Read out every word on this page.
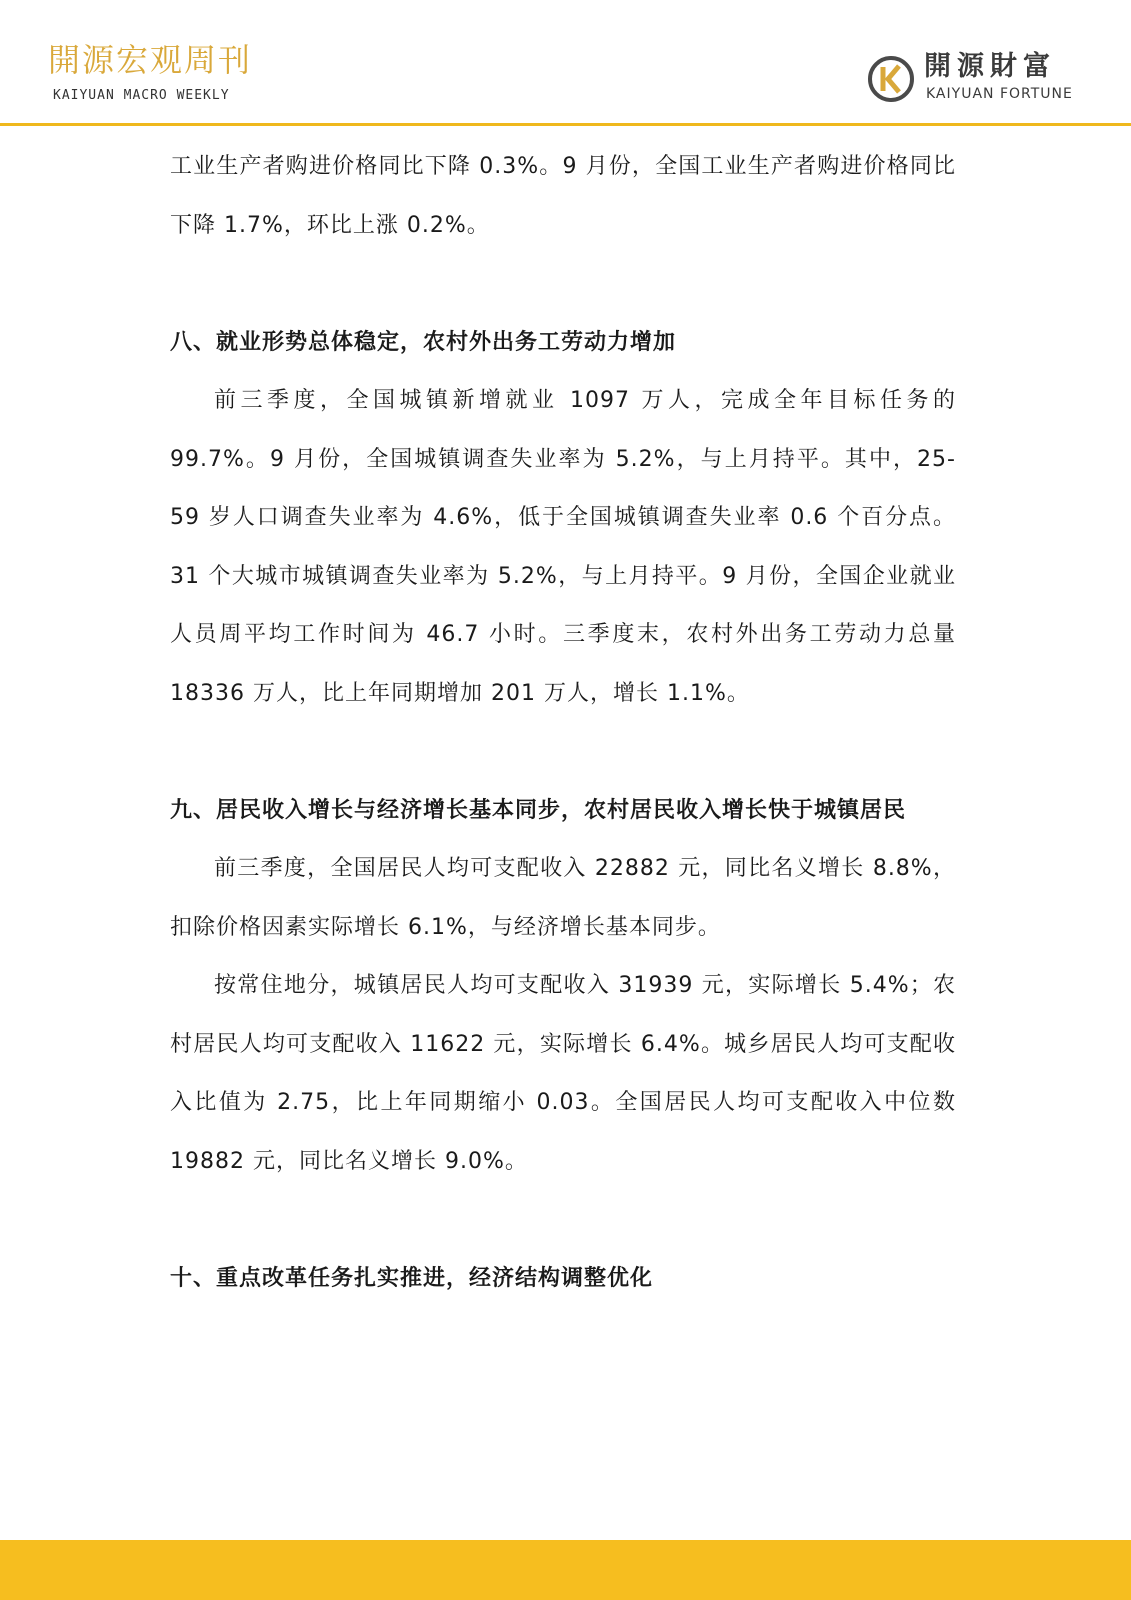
開源宏观周刊
KAIYUAN MACRO WEEKLY
開源財富
KAIYUAN FORTUNE

工业生产者购进价格同比下降 0.3%。9 月份，全国工业生产者购进价格同比下降 1.7%，环比上涨 0.2%。

八、就业形势总体稳定，农村外出务工劳动力增加

前三季度，全国城镇新增就业 1097 万人，完成全年目标任务的 99.7%。9 月份，全国城镇调查失业率为 5.2%，与上月持平。其中，25-59 岁人口调查失业率为 4.6%，低于全国城镇调查失业率 0.6 个百分点。31 个大城市城镇调查失业率为 5.2%，与上月持平。9 月份，全国企业就业人员周平均工作时间为 46.7 小时。三季度末，农村外出务工劳动力总量 18336 万人，比上年同期增加 201 万人，增长 1.1%。

九、居民收入增长与经济增长基本同步，农村居民收入增长快于城镇居民

前三季度，全国居民人均可支配收入 22882 元，同比名义增长 8.8%，扣除价格因素实际增长 6.1%，与经济增长基本同步。

按常住地分，城镇居民人均可支配收入 31939 元，实际增长 5.4%；农村居民人均可支配收入 11622 元，实际增长 6.4%。城乡居民人均可支配收入比值为 2.75，比上年同期缩小 0.03。全国居民人均可支配收入中位数 19882 元，同比名义增长 9.0%。

十、重点改革任务扎实推进，经济结构调整优化
